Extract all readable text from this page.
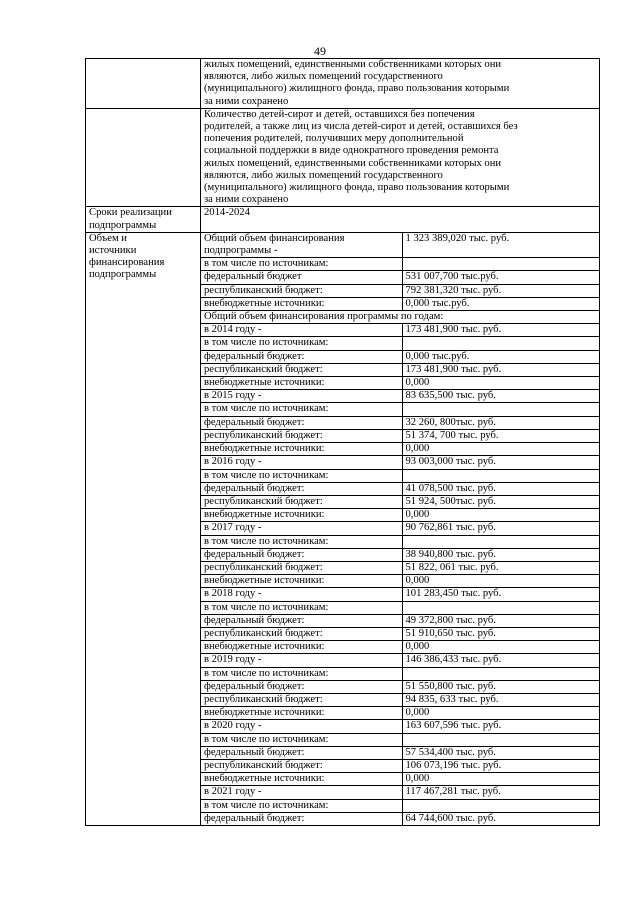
49

жилых помещений, единственными собственниками которых они
являются, либо жилых помещений государственного
(муниципального) жилищного фонда, право пользования которыми
за ними сохранено

Количество детей-сирот и детей, оставшихся без попечения
родителей, а также лиц из числа детей-сирот и детей, оставшихся без
попечения родителей, получивших меру дополнительной
социальной поддержки в виде однократного проведения ремонта
жилых помещений, единственными собственниками которых они
являются, либо жилых помещений государственного
(муниципального) жилищного фонда, право пользования которыми
за ними сохранено

Сроки реализации
подпрограммы	2014-2024
Объем и
источники
финансирования
подпрограммы	
Общий объем финансирования
подпрограммы -	1 323 389,020 тыс. руб.
в том числе по источникам:	
федеральный бюджет	531 007,700 тыс.руб.
республиканский бюджет:	792 381,320 тыс. руб.
внебюджетные источники:	0,000 тыс.руб.
Общий объем финансирования программы по годам:
в 2014 году -	173 481,900 тыс. руб.
в том числе по источникам:	
федеральный бюджет:	0,000 тыс.руб.
республиканский бюджет:	173 481,900 тыс. руб.
внебюджетные источники:	0,000
в 2015 году -	83 635,500 тыс. руб.
в том числе по источникам:	
федеральный бюджет:	32 260, 800тыс. руб.
республиканский бюджет:	51 374, 700 тыс. руб.
внебюджетные источники:	0,000
в 2016 году -	93 003,000 тыс. руб.
в том числе по источникам:	
федеральный бюджет:	41 078,500 тыс. руб.
республиканский бюджет:	51 924, 500тыс. руб.
внебюджетные источники:	0,000
в 2017 году -	90 762,861 тыс. руб.
в том числе по источникам:	
федеральный бюджет:	38 940,800 тыс. руб.
республиканский бюджет:	51 822, 061 тыс. руб.
внебюджетные источники:	0,000
в 2018 году -	101 283,450 тыс. руб.
в том числе по источникам:	
федеральный бюджет:	49 372,800 тыс. руб.
республиканский бюджет:	51 910,650 тыс. руб.
внебюджетные источники:	0,000
в 2019 году -	146 386,433 тыс. руб.
в том числе по источникам:	
федеральный бюджет:	51 550,800 тыс. руб.
республиканский бюджет:	94 835, 633 тыс. руб.
внебюджетные источники:	0,000
в 2020 году -	163 607,596 тыс. руб.
в том числе по источникам:	
федеральный бюджет:	57 534,400 тыс. руб.
республиканский бюджет:	106 073,196 тыс. руб.
внебюджетные источники:	0,000
в 2021 году -	117 467,281 тыс. руб.
в том числе по источникам:	
федеральный бюджет:	64 744,600 тыс. руб.
